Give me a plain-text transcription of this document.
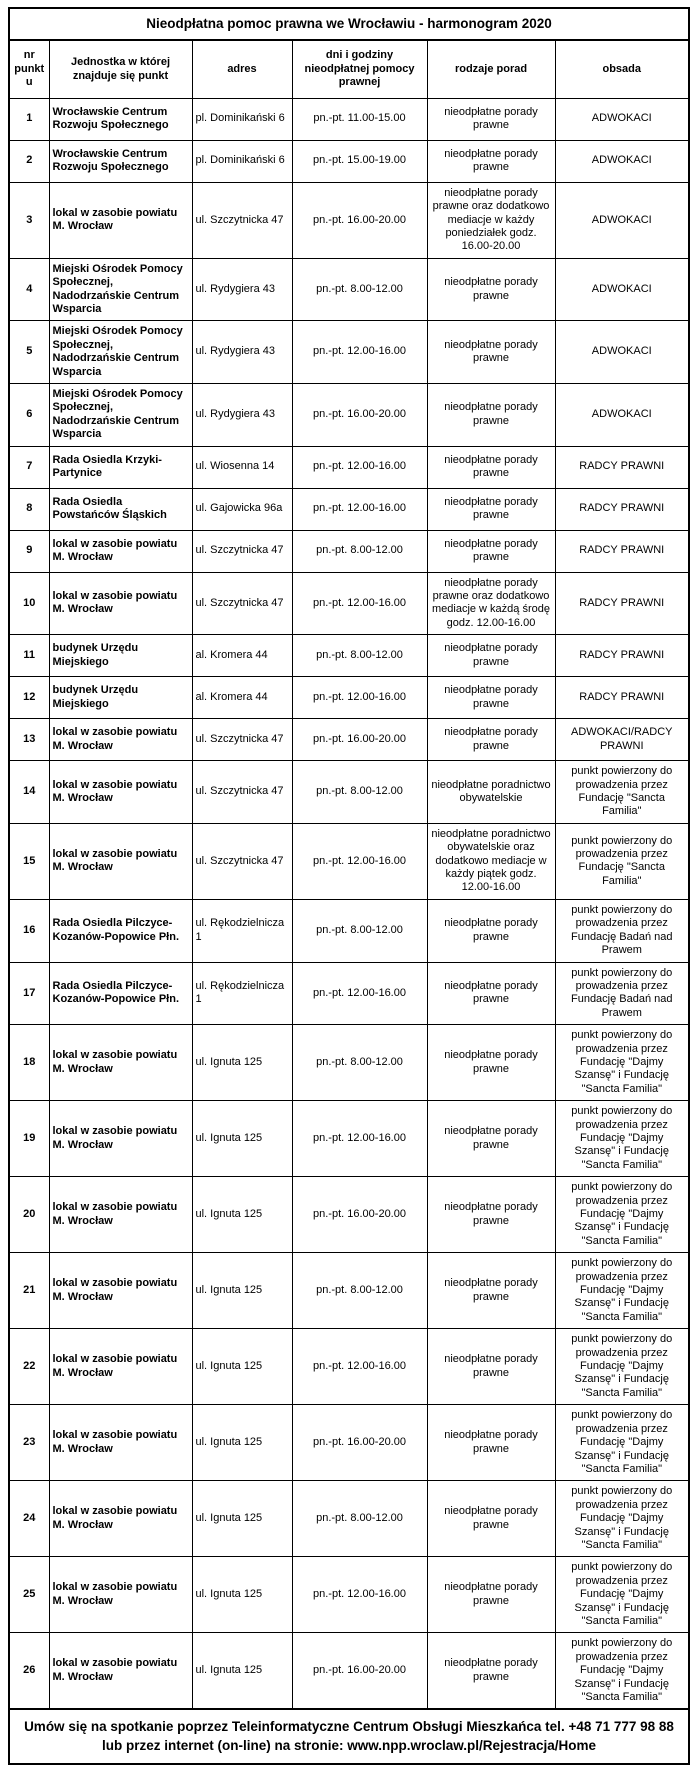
Nieodpłatna pomoc prawna we Wrocławiu - harmonogram 2020					
nr punktu	Jednostka w której znajduje się punkt	adres	dni i godziny nieodpłatnej pomocy prawnej	rodzaje porad	obsada
1	Wrocławskie Centrum Rozwoju Społecznego	pl. Dominikański 6	pn.-pt. 11.00-15.00	nieodpłatne porady prawne	ADWOKACI
2	Wrocławskie Centrum Rozwoju Społecznego	pl. Dominikański 6	pn.-pt. 15.00-19.00	nieodpłatne porady prawne	ADWOKACI
3	lokal w zasobie powiatu M. Wrocław	ul. Szczytnicka 47	pn.-pt. 16.00-20.00	nieodpłatne porady prawne oraz dodatkowo mediacje w każdy poniedziałek godz. 16.00-20.00	ADWOKACI
4	Miejski Ośrodek Pomocy Społecznej, Nadodrzańskie Centrum Wsparcia	ul. Rydygiera 43	pn.-pt. 8.00-12.00	nieodpłatne porady prawne	ADWOKACI
5	Miejski Ośrodek Pomocy Społecznej, Nadodrzańskie Centrum Wsparcia	ul. Rydygiera 43	pn.-pt. 12.00-16.00	nieodpłatne porady prawne	ADWOKACI
6	Miejski Ośrodek Pomocy Społecznej, Nadodrzańskie Centrum Wsparcia	ul. Rydygiera 43	pn.-pt. 16.00-20.00	nieodpłatne porady prawne	ADWOKACI
7	Rada Osiedla Krzyki-Partynice	ul. Wiosenna 14	pn.-pt. 12.00-16.00	nieodpłatne porady prawne	RADCY PRAWNI
8	Rada Osiedla Powstańców Śląskich	ul. Gajowicka 96a	pn.-pt. 12.00-16.00	nieodpłatne porady prawne	RADCY PRAWNI
9	lokal w zasobie powiatu M. Wrocław	ul. Szczytnicka 47	pn.-pt. 8.00-12.00	nieodpłatne porady prawne	RADCY PRAWNI
10	lokal w zasobie powiatu M. Wrocław	ul. Szczytnicka 47	pn.-pt. 12.00-16.00	nieodpłatne porady prawne oraz dodatkowo mediacje w każdą środę godz. 12.00-16.00	RADCY PRAWNI
11	budynek Urzędu Miejskiego	al. Kromera 44	pn.-pt. 8.00-12.00	nieodpłatne porady prawne	RADCY PRAWNI
12	budynek Urzędu Miejskiego	al. Kromera 44	pn.-pt. 12.00-16.00	nieodpłatne porady prawne	RADCY PRAWNI
13	lokal w zasobie powiatu M. Wrocław	ul. Szczytnicka 47	pn.-pt. 16.00-20.00	nieodpłatne porady prawne	ADWOKACI/RADCY PRAWNI
14	lokal w zasobie powiatu M. Wrocław	ul. Szczytnicka 47	pn.-pt. 8.00-12.00	nieodpłatne poradnictwo obywatelskie	punkt powierzony do prowadzenia przez Fundację "Sancta Familia"
15	lokal w zasobie powiatu M. Wrocław	ul. Szczytnicka 47	pn.-pt. 12.00-16.00	nieodpłatne poradnictwo obywatelskie oraz dodatkowo mediacje w każdy piątek godz. 12.00-16.00	punkt powierzony do prowadzenia przez Fundację "Sancta Familia"
16	Rada Osiedla Pilczyce-Kozanów-Popowice Płn.	ul. Rękodzielnicza 1	pn.-pt. 8.00-12.00	nieodpłatne porady prawne	punkt powierzony do prowadzenia przez Fundację Badań nad Prawem
17	Rada Osiedla Pilczyce-Kozanów-Popowice Płn.	ul. Rękodzielnicza 1	pn.-pt. 12.00-16.00	nieodpłatne porady prawne	punkt powierzony do prowadzenia przez Fundację Badań nad Prawem
18	lokal w zasobie powiatu M. Wrocław	ul. Ignuta 125	pn.-pt. 8.00-12.00	nieodpłatne porady prawne	punkt powierzony do prowadzenia przez Fundację "Dajmy Szansę" i Fundację "Sancta Familia"
19	lokal w zasobie powiatu M. Wrocław	ul. Ignuta 125	pn.-pt. 12.00-16.00	nieodpłatne porady prawne	punkt powierzony do prowadzenia przez Fundację "Dajmy Szansę" i Fundację "Sancta Familia"
20	lokal w zasobie powiatu M. Wrocław	ul. Ignuta 125	pn.-pt. 16.00-20.00	nieodpłatne porady prawne	punkt powierzony do prowadzenia przez Fundację "Dajmy Szansę" i Fundację "Sancta Familia"
21	lokal w zasobie powiatu M. Wrocław	ul. Ignuta 125	pn.-pt. 8.00-12.00	nieodpłatne porady prawne	punkt powierzony do prowadzenia przez Fundację "Dajmy Szansę" i Fundację "Sancta Familia"
22	lokal w zasobie powiatu M. Wrocław	ul. Ignuta 125	pn.-pt. 12.00-16.00	nieodpłatne porady prawne	punkt powierzony do prowadzenia przez Fundację "Dajmy Szansę" i Fundację "Sancta Familia"
23	lokal w zasobie powiatu M. Wrocław	ul. Ignuta 125	pn.-pt. 16.00-20.00	nieodpłatne porady prawne	punkt powierzony do prowadzenia przez Fundację "Dajmy Szansę" i Fundację "Sancta Familia"
24	lokal w zasobie powiatu M. Wrocław	ul. Ignuta 125	pn.-pt. 8.00-12.00	nieodpłatne porady prawne	punkt powierzony do prowadzenia przez Fundację "Dajmy Szansę" i Fundację "Sancta Familia"
25	lokal w zasobie powiatu M. Wrocław	ul. Ignuta 125	pn.-pt. 12.00-16.00	nieodpłatne porady prawne	punkt powierzony do prowadzenia przez Fundację "Dajmy Szansę" i Fundację "Sancta Familia"
26	lokal w zasobie powiatu M. Wrocław	ul. Ignuta 125	pn.-pt. 16.00-20.00	nieodpłatne porady prawne	punkt powierzony do prowadzenia przez Fundację "Dajmy Szansę" i Fundację "Sancta Familia"

Umów się na spotkanie poprzez Teleinformatyczne Centrum Obsługi Mieszkańca tel. +48 71 777 98 88
lub przez internet (on-line) na stronie: www.npp.wroclaw.pl/Rejestracja/Home					
